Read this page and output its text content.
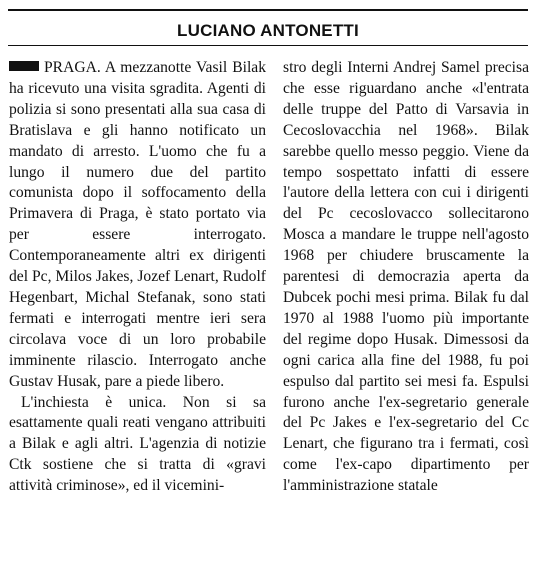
LUCIANO ANTONETTI

PRAGA. A mezzanotte Vasil Bilak ha ricevuto una visita sgradita. Agenti di polizia si sono presentati alla sua casa di Bratislava e gli hanno notificato un mandato di arresto. L'uomo che fu a lungo il numero due del partito comunista dopo il soffocamento della Primavera di Praga, è stato portato via per essere interrogato. Contemporaneamente altri ex dirigenti del Pc, Milos Jakes, Jozef Lenart, Rudolf Hegenbart, Michal Stefanak, sono stati fermati e interrogati mentre ieri sera circolava voce di un loro probabile imminente rilascio. Interrogato anche Gustav Husak, pare a piede libero.

L'inchiesta è unica. Non si sa esattamente quali reati vengano attribuiti a Bilak e agli altri. L'agenzia di notizie Ctk sostiene che si tratta di «gravi attività criminose», ed il vicemini-

stro degli Interni Andrej Samel precisa che esse riguardano anche «l'entrata delle truppe del Patto di Varsavia in Cecoslovacchia nel 1968». Bilak sarebbe quello messo peggio. Viene da tempo sospettato infatti di essere l'autore della lettera con cui i dirigenti del Pc cecoslovacco sollecitarono Mosca a mandare le truppe nell'agosto 1968 per chiudere bruscamente la parentesi di democrazia aperta da Dubcek pochi mesi prima. Bilak fu dal 1970 al 1988 l'uomo più importante del regime dopo Husak. Dimessosi da ogni carica alla fine del 1988, fu poi espulso dal partito sei mesi fa. Espulsi furono anche l'ex-segretario generale del Pc Jakes e l'ex-segretario del Cc Lenart, che figurano tra i fermati, così come l'ex-capo dipartimento per l'amministrazione statale
